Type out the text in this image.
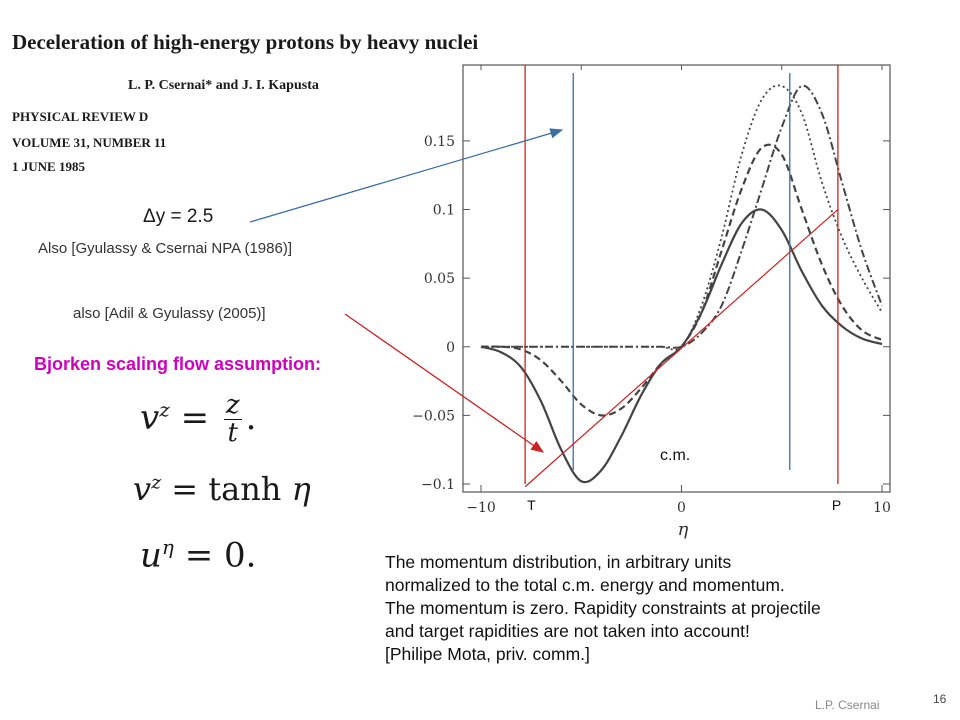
Deceleration of high-energy protons by heavy nuclei
L. P. Csernai* and J. I. Kapusta
PHYSICAL REVIEW D
VOLUME 31, NUMBER 11
1 JUNE 1985
Δy = 2.5
Also [Gyulassy & Csernai NPA (1986)]
also [Adil & Gyulassy (2005)]
Bjorken scaling flow assumption:
$v^z = \frac{z}{t}$ .
$v^z = \tanh \eta$
$u^\eta = 0$.
0.15
0.1
0.05
0
−0.05
−0.1
−10	0	10
c.m.
T	P
η
The momentum distribution, in arbitrary units
normalized to the total c.m. energy and momentum.
The momentum is zero. Rapidity constraints at projectile
and target rapidities are not taken into account!
[Philipe Mota, priv. comm.]
L.P. Csernai	16
